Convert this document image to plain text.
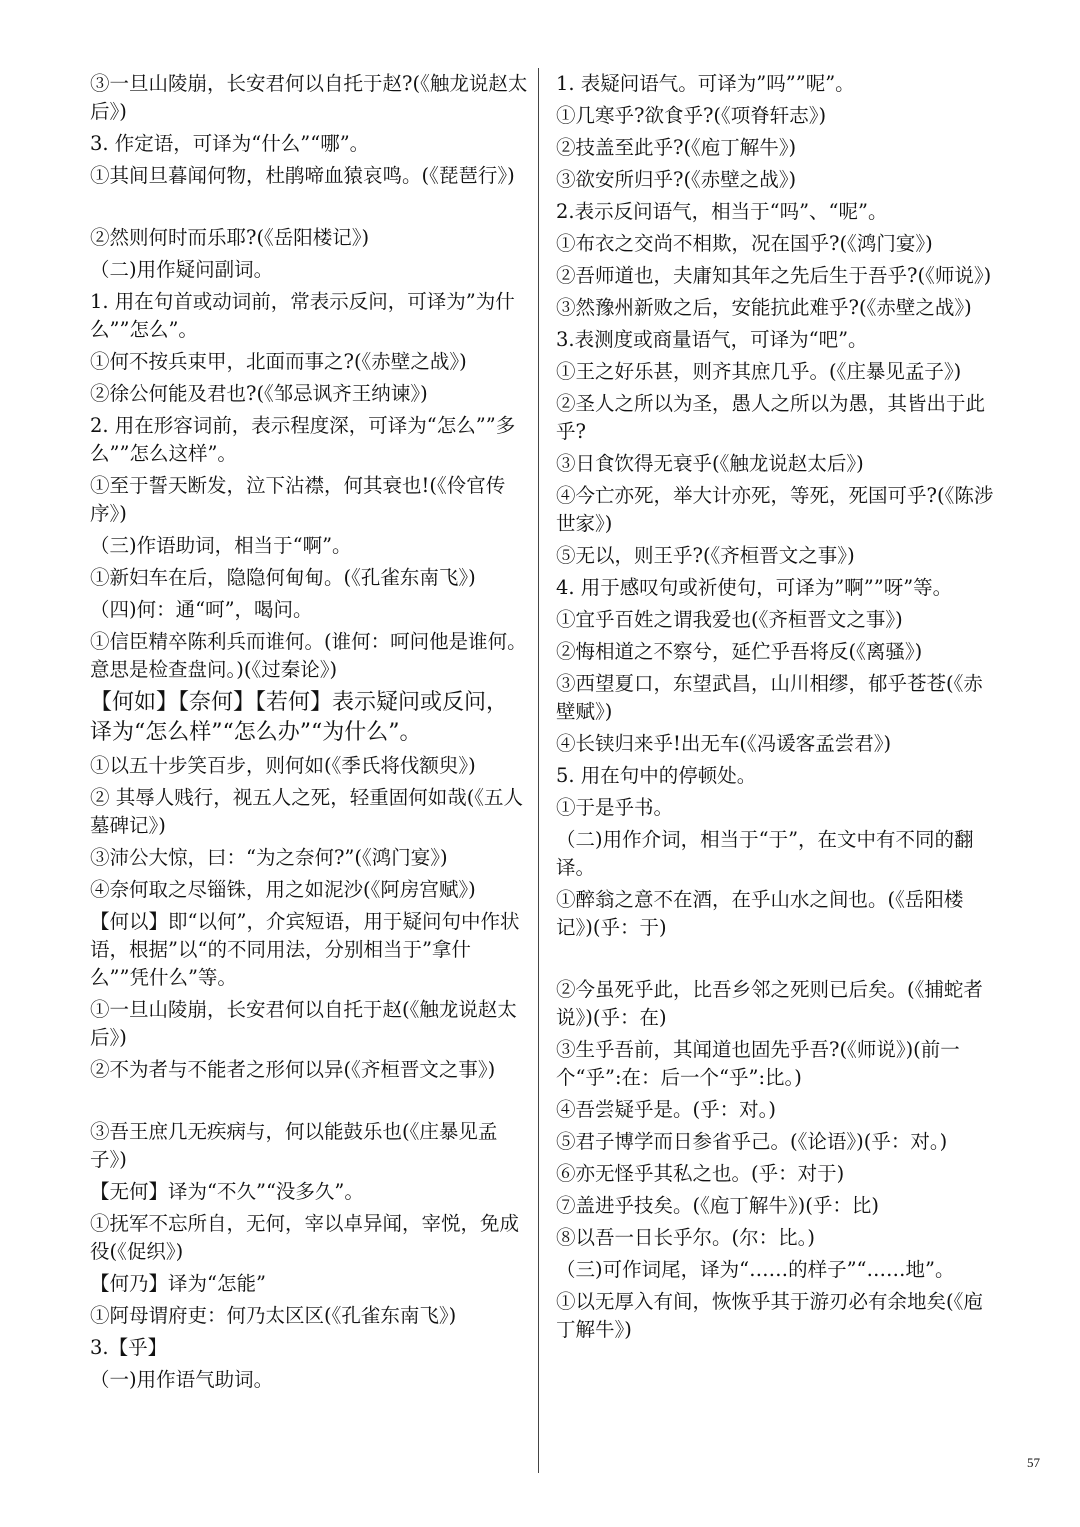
③一旦山陵崩，长安君何以自托于赵?(《触龙说赵太后》)

3. 作定语，可译为“什么”“哪”。

①其间旦暮闻何物，杜鹃啼血猿哀鸣。(《琵琶行》)

②然则何时而乐耶?(《岳阳楼记》)

（二)用作疑问副词。

1. 用在句首或动词前，常表示反问，可译为”为什么””怎么”。

①何不按兵束甲，北面而事之?(《赤壁之战》)

②徐公何能及君也?(《邹忌讽齐王纳谏》)

2. 用在形容词前，表示程度深，可译为“怎么””多么””怎么这样”。

①至于誓天断发，泣下沾襟，何其衰也!(《伶官传序》)

（三)作语助词，相当于“啊”。

①新妇车在后，隐隐何甸甸。(《孔雀东南飞》)

（四)何：通“呵”，喝问。

①信臣精卒陈利兵而谁何。(谁何：呵问他是谁何。意思是检查盘问。)(《过秦论》)

【何如】【奈何】【若何】表示疑问或反问，译为“怎么样”“怎么办”“为什么”。

①以五十步笑百步，则何如(《季氏将伐额臾》)

② 其辱人贱行，视五人之死，轻重固何如哉(《五人墓碑记》)

③沛公大惊，曰：“为之奈何?”(《鸿门宴》)

④奈何取之尽锱铢，用之如泥沙(《阿房宫赋》)

【何以】即“以何”，介宾短语，用于疑问句中作状语，根据”以“的不同用法，分别相当于”拿什么””凭什么”等。

①一旦山陵崩，长安君何以自托于赵(《触龙说赵太后》)

②不为者与不能者之形何以异(《齐桓晋文之事》)

③吾王庶几无疾病与，何以能鼓乐也(《庄暴见孟子》)

【无何】译为“不久”“没多久”。

①抚军不忘所自，无何，宰以卓异闻，宰悦，免成役(《促织》)

【何乃】译为“怎能”

①阿母谓府吏：何乃太区区(《孔雀东南飞》)

3.【乎】

（一)用作语气助词。

1. 表疑问语气。可译为”吗””呢”。

①几寒乎?欲食乎?(《项脊轩志》)

②技盖至此乎?(《庖丁解牛》)

③欲安所归乎?(《赤壁之战》)

2.表示反问语气，相当于“吗”、“呢”。

①布衣之交尚不相欺，况在国乎?(《鸿门宴》)

②吾师道也，夫庸知其年之先后生于吾乎?(《师说》)

③然豫州新败之后，安能抗此难乎?(《赤壁之战》)

3.表测度或商量语气，可译为“吧”。

①王之好乐甚，则齐其庶几乎。(《庄暴见孟子》)

②圣人之所以为圣，愚人之所以为愚，其皆出于此乎?

③日食饮得无衰乎(《触龙说赵太后》)

④今亡亦死，举大计亦死，等死，死国可乎?(《陈涉世家》)

⑤无以，则王乎?(《齐桓晋文之事》)

4. 用于感叹句或祈使句，可译为”啊””呀”等。

①宜乎百姓之谓我爱也(《齐桓晋文之事》)

②悔相道之不察兮，延伫乎吾将反(《离骚》)

③西望夏口，东望武昌，山川相缪，郁乎苍苍(《赤壁赋》)

④长铗归来乎!出无车(《冯谖客孟尝君》)

5. 用在句中的停顿处。

①于是乎书。

（二)用作介词，相当于“于”，在文中有不同的翻译。

①醉翁之意不在酒，在乎山水之间也。(《岳阳楼记》)(乎：于)

②今虽死乎此，比吾乡邻之死则已后矣。(《捕蛇者说》)(乎：在)

③生乎吾前，其闻道也固先乎吾?(《师说》)(前一个“乎”:在：后一个“乎”:比。)

④吾尝疑乎是。(乎：对。)

⑤君子博学而日参省乎己。(《论语》)(乎：对。)

⑥亦无怪乎其私之也。(乎：对于)

⑦盖进乎技矣。(《庖丁解牛》)(乎：比)

⑧以吾一日长乎尔。(尔：比。)

（三)可作词尾，译为“……的样子”“……地”。

①以无厚入有间，恢恢乎其于游刃必有余地矣(《庖丁解牛》)

57
